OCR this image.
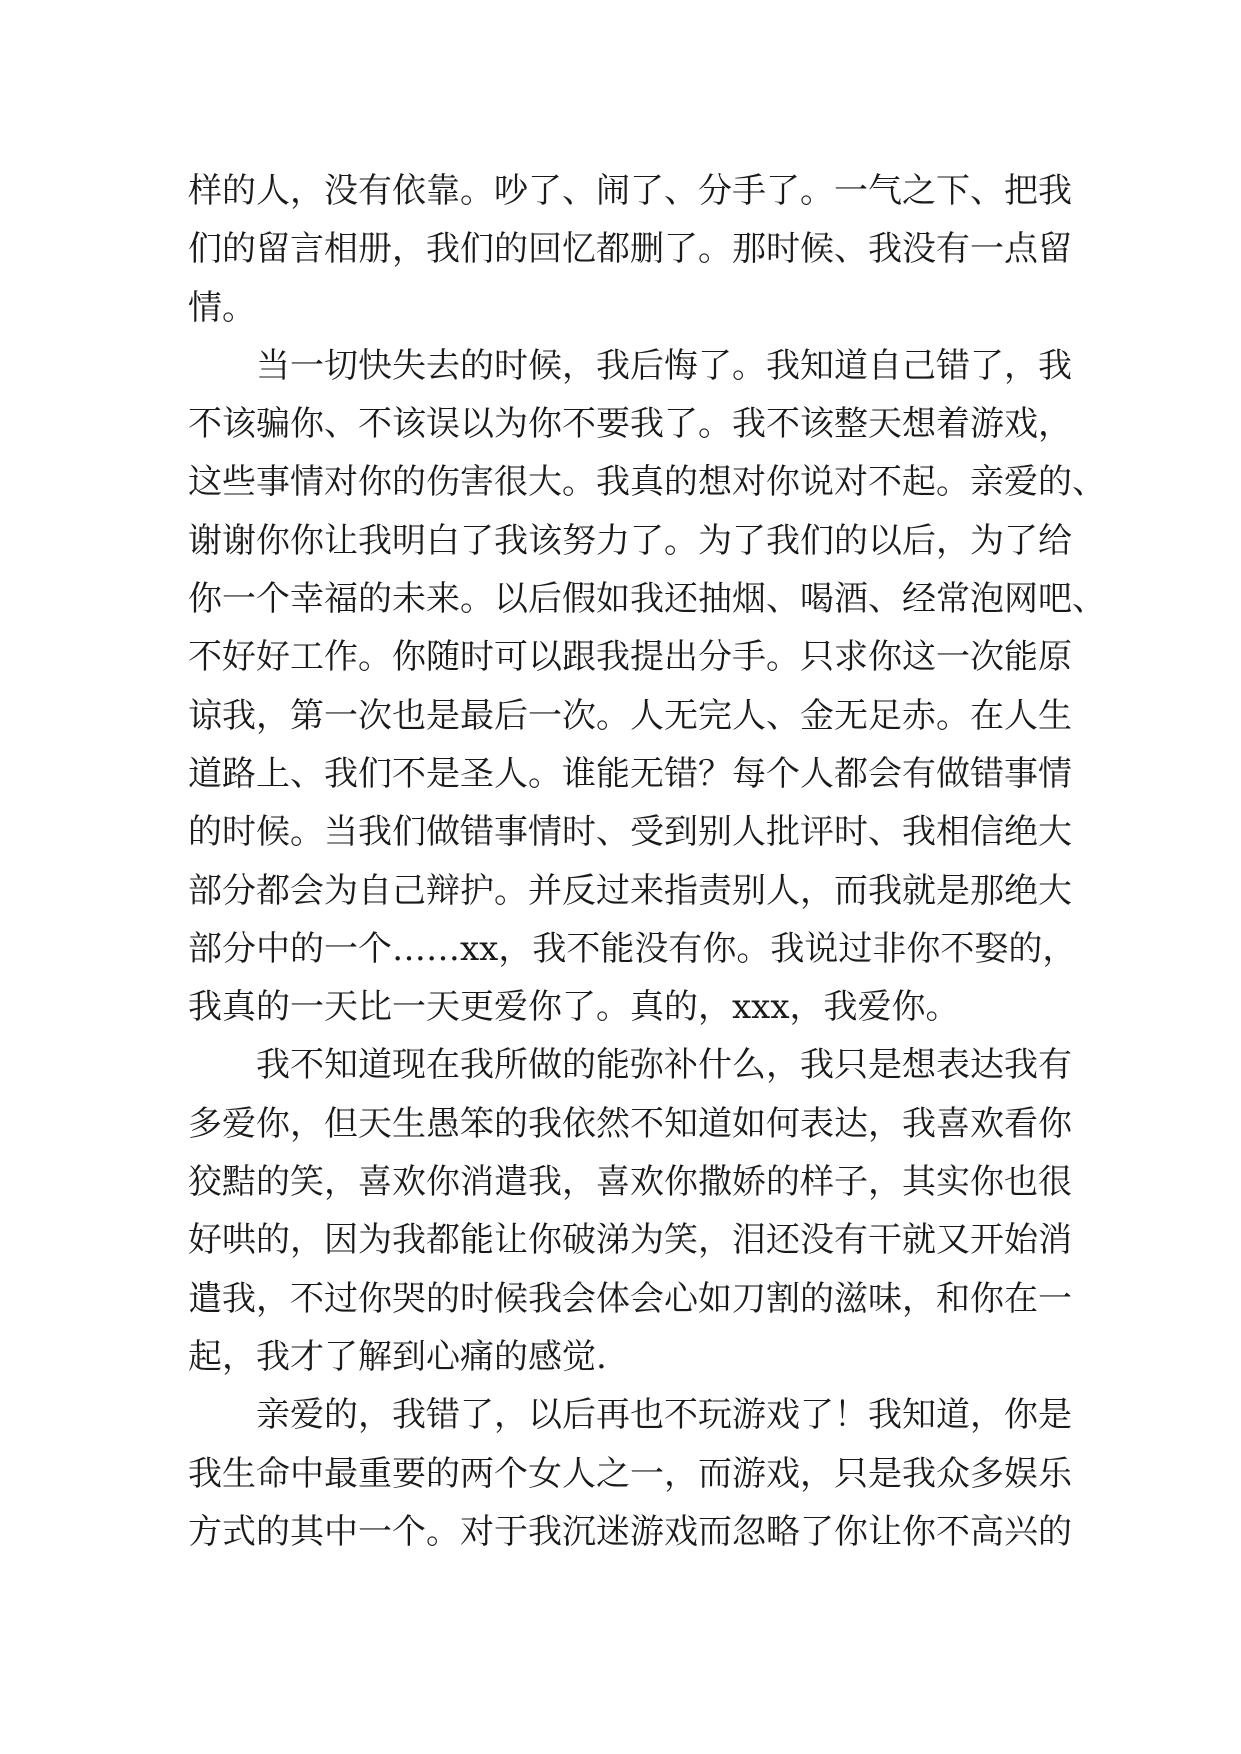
样的人，没有依靠。吵了、闹了、分手了。一气之下、把我
们的留言相册，我们的回忆都删了。那时候、我没有一点留
情。
当一切快失去的时候，我后悔了。我知道自己错了，我
不该骗你、不该误以为你不要我了。我不该整天想着游戏，
这些事情对你的伤害很大。我真的想对你说对不起。亲爱的、
谢谢你你让我明白了我该努力了。为了我们的以后，为了给
你一个幸福的未来。以后假如我还抽烟、喝酒、经常泡网吧、
不好好工作。你随时可以跟我提出分手。只求你这一次能原
谅我，第一次也是最后一次。人无完人、金无足赤。在人生
道路上、我们不是圣人。谁能无错？每个人都会有做错事情
的时候。当我们做错事情时、受到别人批评时、我相信绝大
部分都会为自己辩护。并反过来指责别人，而我就是那绝大
部分中的一个……xx，我不能没有你。我说过非你不娶的，
我真的一天比一天更爱你了。真的，xxx，我爱你。
我不知道现在我所做的能弥补什么，我只是想表达我有
多爱你，但天生愚笨的我依然不知道如何表达，我喜欢看你
狡黠的笑，喜欢你消遣我，喜欢你撒娇的样子，其实你也很
好哄的，因为我都能让你破涕为笑，泪还没有干就又开始消
遣我，不过你哭的时候我会体会心如刀割的滋味，和你在一
起，我才了解到心痛的感觉.
亲爱的，我错了，以后再也不玩游戏了！我知道，你是
我生命中最重要的两个女人之一，而游戏，只是我众多娱乐
方式的其中一个。对于我沉迷游戏而忽略了你让你不高兴的
